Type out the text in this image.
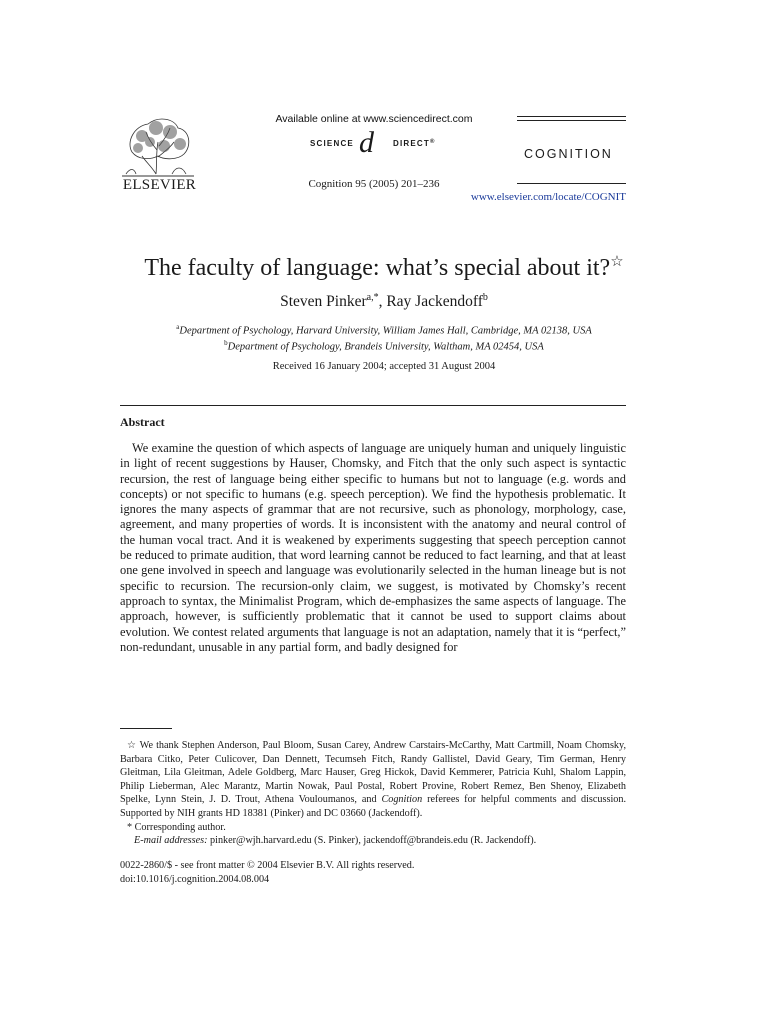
ELSEVIER
Available online at www.sciencedirect.com
SCIENCE d DIRECT®
Cognition 95 (2005) 201–236
COGNITION
www.elsevier.com/locate/COGNIT
The faculty of language: what’s special about it?☆
Steven Pinker$^{a,*}$, Ray Jackendoff$^b$
$^a$Department of Psychology, Harvard University, William James Hall, Cambridge, MA 02138, USA
$^b$Department of Psychology, Brandeis University, Waltham, MA 02454, USA
Received 16 January 2004; accepted 31 August 2004
Abstract

We examine the question of which aspects of language are uniquely human and uniquely linguistic in light of recent suggestions by Hauser, Chomsky, and Fitch that the only such aspect is syntactic recursion, the rest of language being either specific to humans but not to language (e.g. words and concepts) or not specific to humans (e.g. speech perception). We find the hypothesis problematic. It ignores the many aspects of grammar that are not recursive, such as phonology, morphology, case, agreement, and many properties of words. It is inconsistent with the anatomy and neural control of the human vocal tract. And it is weakened by experiments suggesting that speech perception cannot be reduced to primate audition, that word learning cannot be reduced to fact learning, and that at least one gene involved in speech and language was evolutionarily selected in the human lineage but is not specific to recursion. The recursion-only claim, we suggest, is motivated by Chomsky’s recent approach to syntax, the Minimalist Program, which de-emphasizes the same aspects of language. The approach, however, is sufficiently problematic that it cannot be used to support claims about evolution. We contest related arguments that language is not an adaptation, namely that it is “perfect,” non-redundant, unusable in any partial form, and badly designed for

☆ We thank Stephen Anderson, Paul Bloom, Susan Carey, Andrew Carstairs-McCarthy, Matt Cartmill, Noam Chomsky, Barbara Citko, Peter Culicover, Dan Dennett, Tecumseh Fitch, Randy Gallistel, David Geary, Tim German, Henry Gleitman, Lila Gleitman, Adele Goldberg, Marc Hauser, Greg Hickok, David Kemmerer, Patricia Kuhl, Shalom Lappin, Philip Lieberman, Alec Marantz, Martin Nowak, Paul Postal, Robert Provine, Robert Remez, Ben Shenoy, Elizabeth Spelke, Lynn Stein, J. D. Trout, Athena Vouloumanos, and Cognition referees for helpful comments and discussion. Supported by NIH grants HD 18381 (Pinker) and DC 03660 (Jackendoff).

* Corresponding author.

E-mail addresses: pinker@wjh.harvard.edu (S. Pinker), jackendoff@brandeis.edu (R. Jackendoff).

0022-2860/$ - see front matter © 2004 Elsevier B.V. All rights reserved.

doi:10.1016/j.cognition.2004.08.004
